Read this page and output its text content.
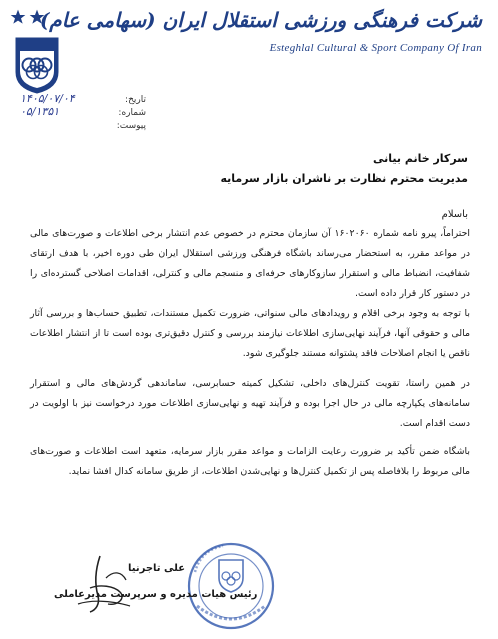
شرکت فرهنگی ورزشی استقلال ایران (سهامی عام)
Esteghlal Cultural & Sport Company Of Iran
تاریخ:
۱۴۰۵/۰۷/۰۴
شماره:
۰۵/۱۳۵۱
پیوست:
سرکار خانم بیانی
مدیریت محترم نظارت بر ناشران بازار سرمایه
باسلام
احتراماً، پیرو نامه شماره ۱۶۰۲۰۶۰ آن سازمان محترم در خصوص عدم انتشار برخی اطلاعات و صورت‌های مالی در مواعد مقرر، به استحضار می‌رساند باشگاه فرهنگی ورزشی استقلال ایران طی دوره اخیر، با هدف ارتقای شفافیت، انضباط مالی و استقرار سازوکارهای حرفه‌ای و منسجم مالی و کنترلی، اقدامات اصلاحی گسترده‌ای را در دستور کار قرار داده است.
با توجه به وجود برخی اقلام و رویدادهای مالی سنواتی، ضرورت تکمیل مستندات، تطبیق حساب‌ها و بررسی آثار مالی و حقوقی آنها، فرآیند نهایی‌سازی اطلاعات نیازمند بررسی و کنترل دقیق‌تری بوده است تا از انتشار اطلاعات ناقص یا انجام اصلاحات فاقد پشتوانه مستند جلوگیری شود.
در همین راستا، تقویت کنترل‌های داخلی، تشکیل کمیته حسابرسی، ساماندهی گردش‌های مالی و استقرار سامانه‌های یکپارچه مالی در حال اجرا بوده و فرآیند تهیه و نهایی‌سازی اطلاعات مورد درخواست نیز با اولویت در دست اقدام است.
باشگاه ضمن تأکید بر ضرورت رعایت الزامات و مواعد مقرر بازار سرمایه، متعهد است اطلاعات و صورت‌های مالی مربوط را بلافاصله پس از تکمیل کنترل‌ها و نهایی‌شدن اطلاعات، از طریق سامانه کدال افشا نماید.
علی تاجرنیا
رئیس هیات مدیره و سرپرست مدیرعاملی
